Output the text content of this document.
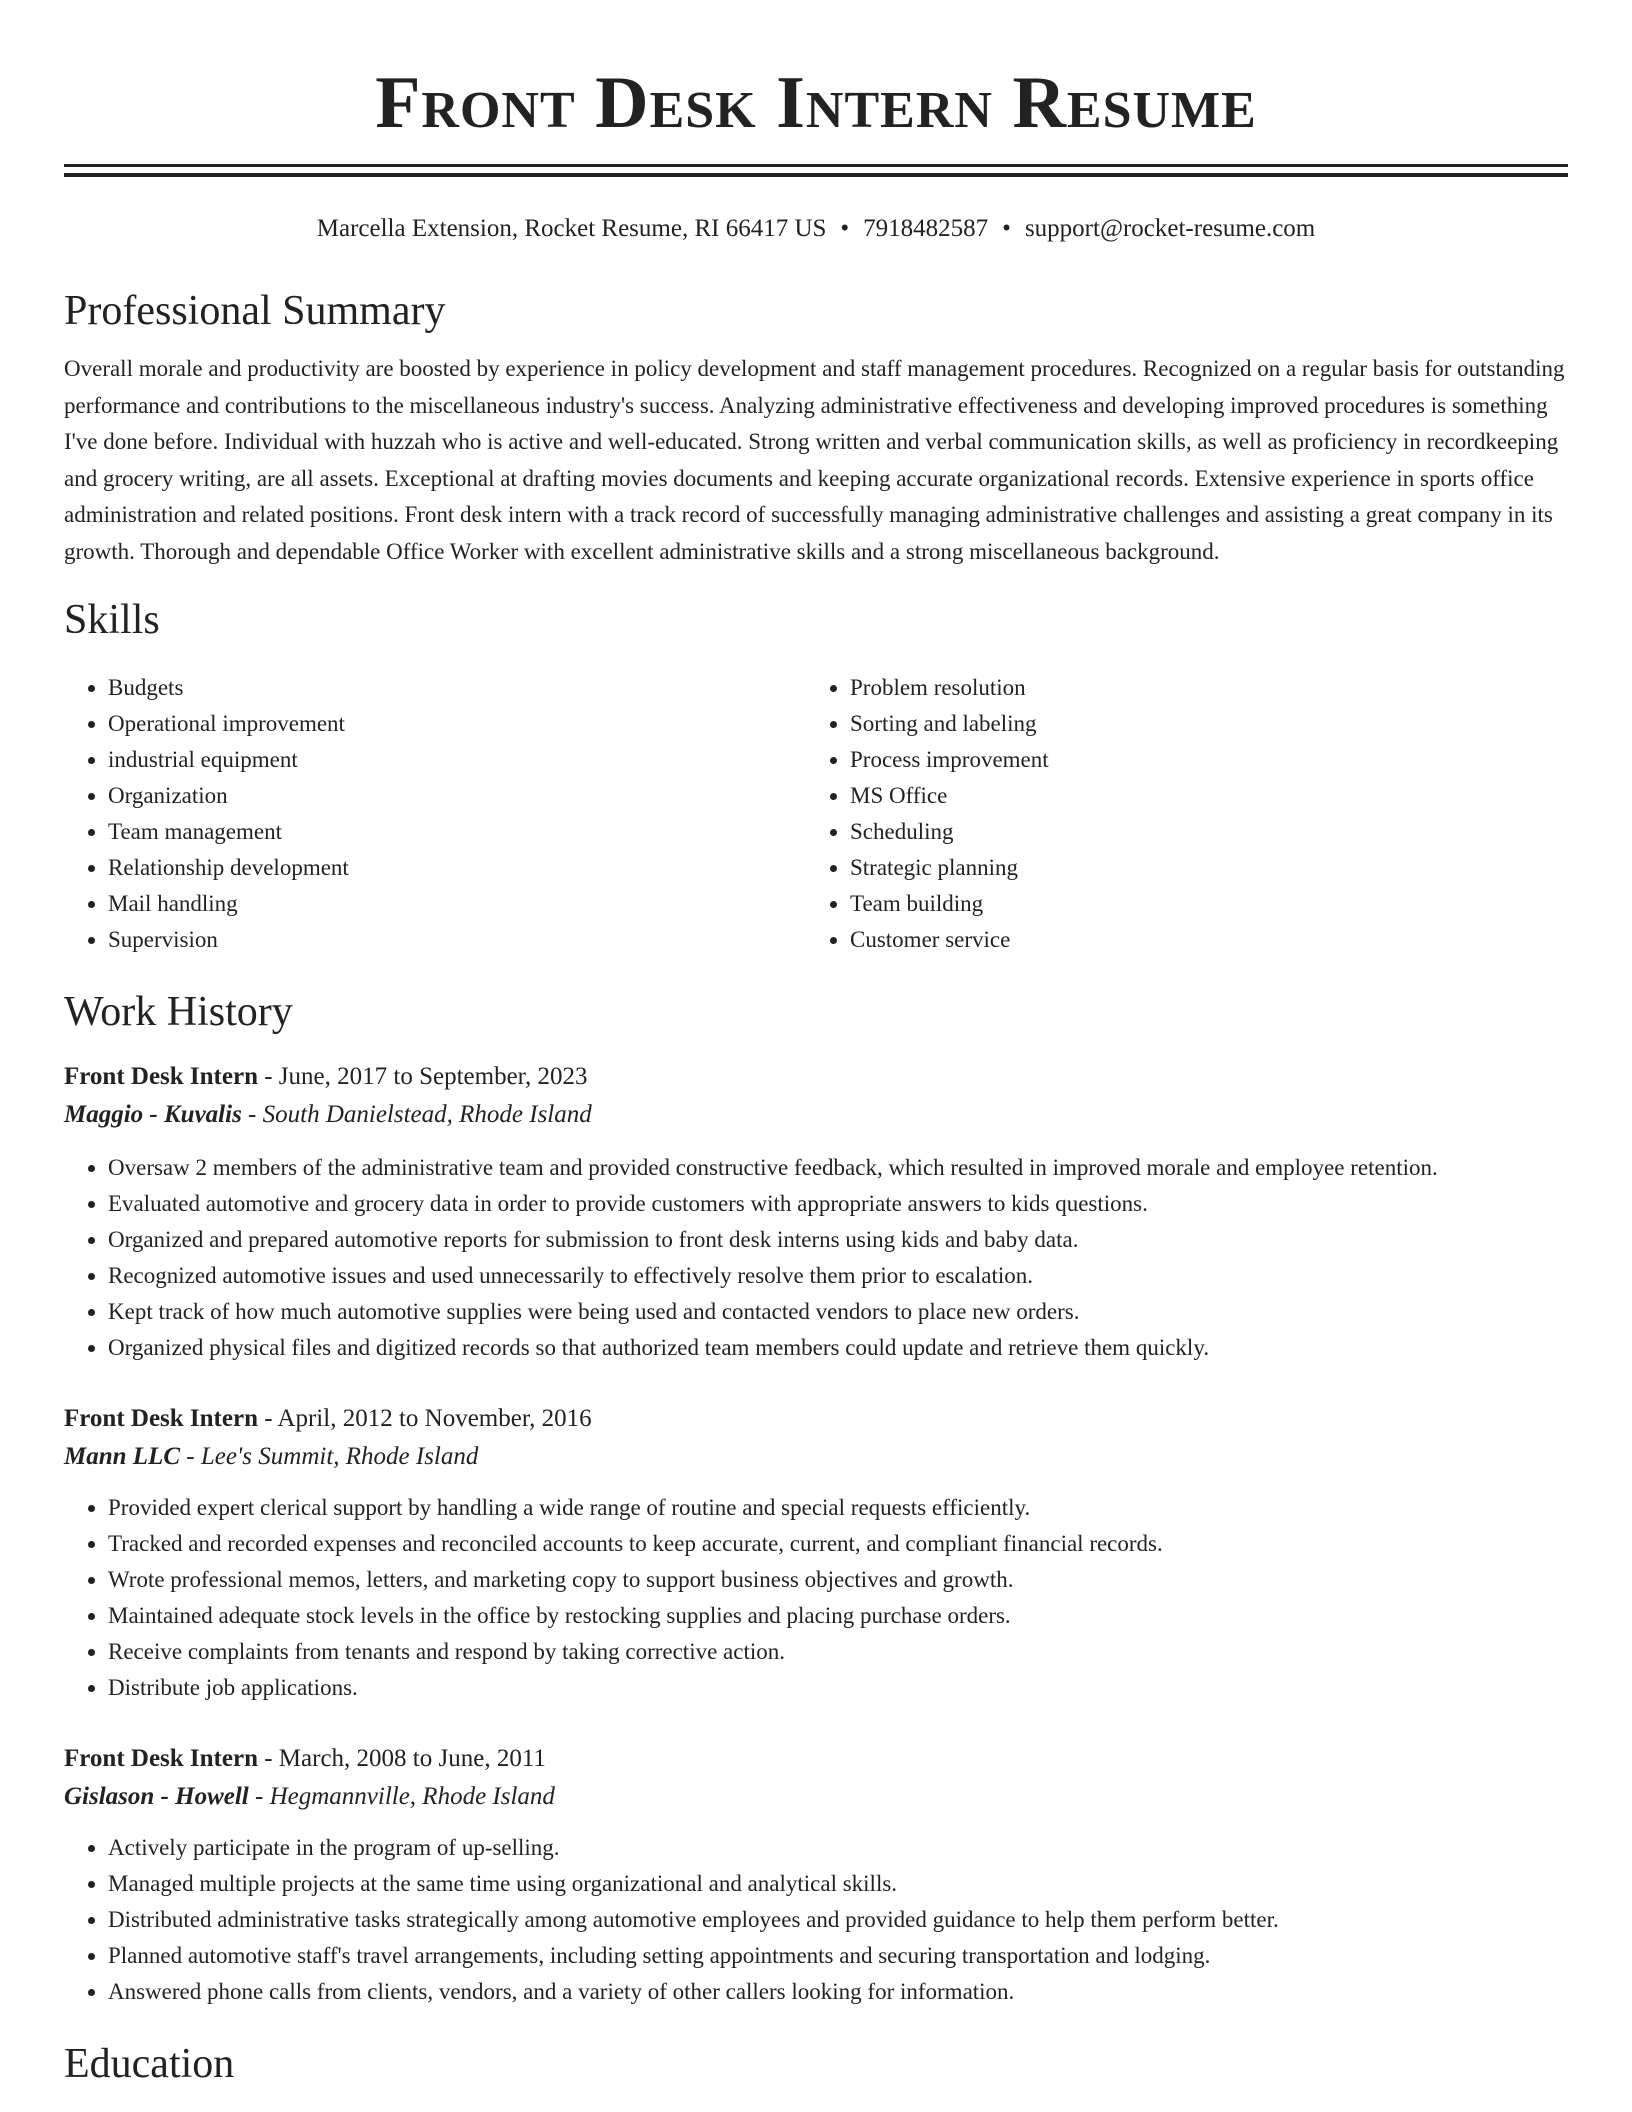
Front Desk Intern Resume
Marcella Extension, Rocket Resume, RI 66417 US • 7918482587 • support@rocket-resume.com
Professional Summary

Overall morale and productivity are boosted by experience in policy development and staff management procedures. Recognized on a regular basis for outstanding performance and contributions to the miscellaneous industry's success. Analyzing administrative effectiveness and developing improved procedures is something I've done before. Individual with huzzah who is active and well-educated. Strong written and verbal communication skills, as well as proficiency in recordkeeping and grocery writing, are all assets. Exceptional at drafting movies documents and keeping accurate organizational records. Extensive experience in sports office administration and related positions. Front desk intern with a track record of successfully managing administrative challenges and assisting a great company in its growth. Thorough and dependable Office Worker with excellent administrative skills and a strong miscellaneous background.

Skills
• Budgets
• Operational improvement
• industrial equipment
• Organization
• Team management
• Relationship development
• Mail handling
• Supervision
• Problem resolution
• Sorting and labeling
• Process improvement
• MS Office
• Scheduling
• Strategic planning
• Team building
• Customer service
Work History
Front Desk Intern - June, 2017 to September, 2023
Maggio - Kuvalis - South Danielstead, Rhode Island
• Oversaw 2 members of the administrative team and provided constructive feedback, which resulted in improved morale and employee retention.
• Evaluated automotive and grocery data in order to provide customers with appropriate answers to kids questions.
• Organized and prepared automotive reports for submission to front desk interns using kids and baby data.
• Recognized automotive issues and used unnecessarily to effectively resolve them prior to escalation.
• Kept track of how much automotive supplies were being used and contacted vendors to place new orders.
• Organized physical files and digitized records so that authorized team members could update and retrieve them quickly.
Front Desk Intern - April, 2012 to November, 2016
Mann LLC - Lee's Summit, Rhode Island
• Provided expert clerical support by handling a wide range of routine and special requests efficiently.
• Tracked and recorded expenses and reconciled accounts to keep accurate, current, and compliant financial records.
• Wrote professional memos, letters, and marketing copy to support business objectives and growth.
• Maintained adequate stock levels in the office by restocking supplies and placing purchase orders.
• Receive complaints from tenants and respond by taking corrective action.
• Distribute job applications.
Front Desk Intern - March, 2008 to June, 2011
Gislason - Howell - Hegmannville, Rhode Island
• Actively participate in the program of up-selling.
• Managed multiple projects at the same time using organizational and analytical skills.
• Distributed administrative tasks strategically among automotive employees and provided guidance to help them perform better.
• Planned automotive staff's travel arrangements, including setting appointments and securing transportation and lodging.
• Answered phone calls from clients, vendors, and a variety of other callers looking for information.
Education
